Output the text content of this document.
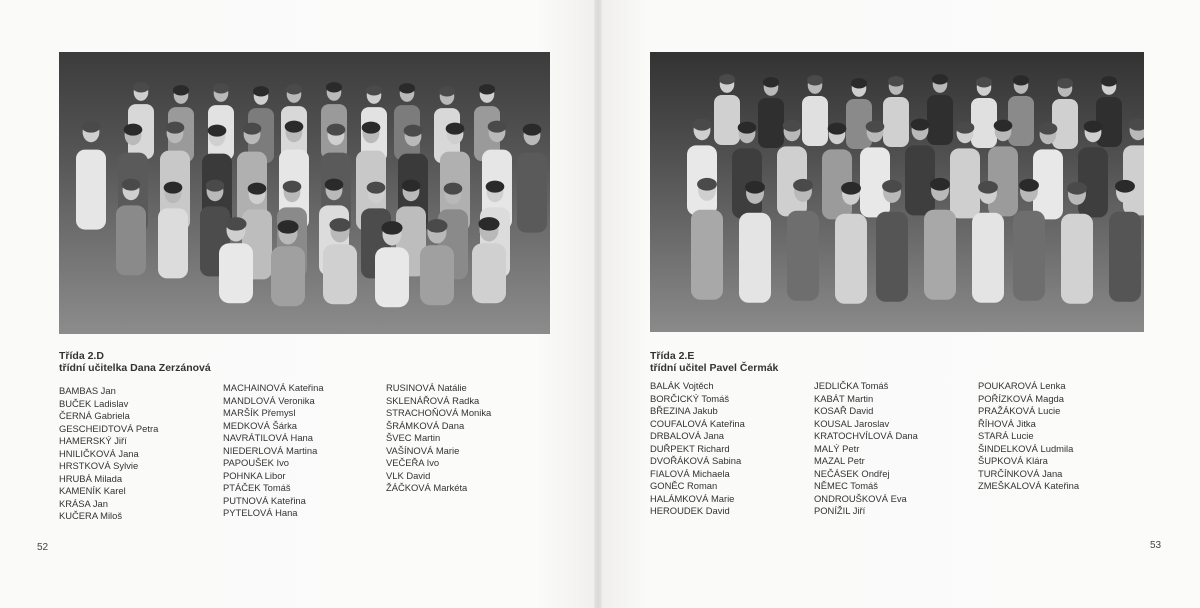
Třída 2.D
třídní učitelka Dana Zerzánová
BAMBAS Jan
BUČEK Ladislav
ČERNÁ Gabriela
GESCHEIDTOVÁ Petra
HAMERSKÝ Jiří
HNILIČKOVÁ Jana
HRSTKOVÁ Sylvie
HRUBÁ Milada
KAMENÍK Karel
KRÁSA Jan
KUČERA Miloš
MACHAINOVÁ Kateřina
MANDLOVÁ Veronika
MARŠÍK Přemysl
MEDKOVÁ Šárka
NAVRÁTILOVÁ Hana
NIEDERLOVÁ Martina
PAPOUŠEK Ivo
POHNKA Libor
PTÁČEK Tomáš
PUTNOVÁ Kateřina
PYTELOVÁ Hana
RUSINOVÁ Natálie
SKLENÁŘOVÁ Radka
STRACHOŇOVÁ Monika
ŠRÁMKOVÁ Dana
ŠVEC Martin
VAŠÍNOVÁ Marie
VEČEŘA Ivo
VLK David
ŽÁČKOVÁ Markéta
52
Třída 2.E
třídní učitel Pavel Čermák
BALÁK Vojtěch
BORČICKÝ Tomáš
BŘEZINA Jakub
COUFALOVÁ Kateřina
DRBALOVÁ Jana
DUŘPEKT Richard
DVOŘÁKOVÁ Sabina
FIALOVÁ Michaela
GONĚC Roman
HALÁMKOVÁ Marie
HEROUDEK David
JEDLIČKA Tomáš
KABÁT Martin
KOSAŘ David
KOUSAL Jaroslav
KRATOCHVÍLOVÁ Dana
MALÝ Petr
MAZAL Petr
NEČÁSEK Ondřej
NĚMEC Tomáš
ONDROUŠKOVÁ Eva
PONÍŽIL Jiří
POUKAROVÁ Lenka
POŘÍZKOVÁ Magda
PRAŽÁKOVÁ Lucie
ŘÍHOVÁ Jitka
STARÁ Lucie
ŠINDELKOVÁ Ludmila
ŠUPKOVÁ Klára
TURČÍNKOVÁ Jana
ZMEŠKALOVÁ Kateřina
53
